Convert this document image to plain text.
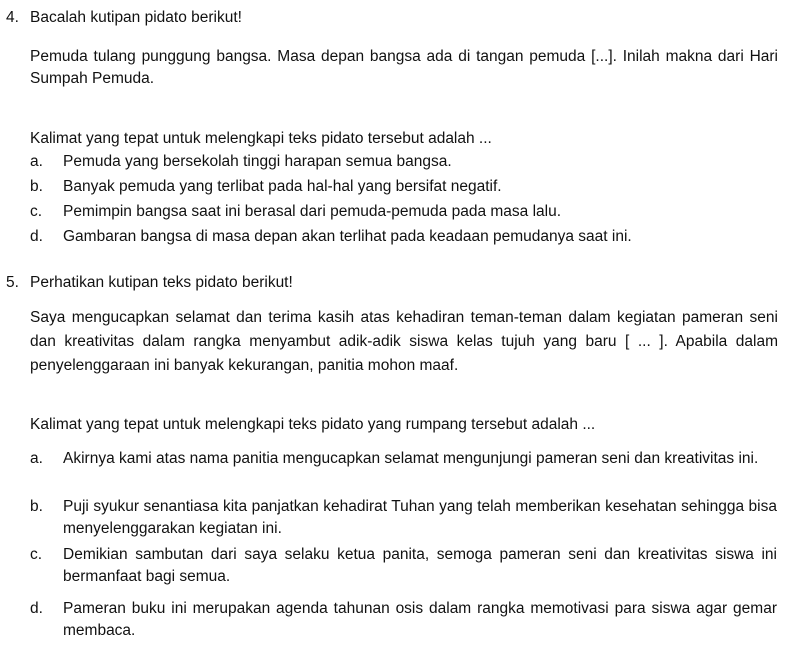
4. Bacalah kutipan pidato berikut!
Pemuda tulang punggung bangsa. Masa depan bangsa ada di tangan pemuda [...]. Inilah makna dari Hari Sumpah Pemuda.
Kalimat yang tepat untuk melengkapi teks pidato tersebut adalah ...
a. Pemuda yang bersekolah tinggi harapan semua bangsa.
b. Banyak pemuda yang terlibat pada hal-hal yang bersifat negatif.
c. Pemimpin bangsa saat ini berasal dari pemuda-pemuda pada masa lalu.
d. Gambaran bangsa di masa depan akan terlihat pada keadaan pemudanya saat ini.
5. Perhatikan kutipan teks pidato berikut!
Saya mengucapkan selamat dan terima kasih atas kehadiran teman-teman dalam kegiatan pameran seni dan kreativitas dalam rangka menyambut adik-adik siswa kelas tujuh yang baru [ ... ]. Apabila dalam penyelenggaraan ini banyak kekurangan, panitia mohon maaf.
Kalimat yang tepat untuk melengkapi teks pidato yang rumpang tersebut adalah ...
a. Akirnya kami atas nama panitia mengucapkan selamat mengunjungi pameran seni dan kreativitas ini.
b. Puji syukur senantiasa kita panjatkan kehadirat Tuhan yang telah memberikan kesehatan sehingga bisa menyelenggarakan kegiatan ini.
c. Demikian sambutan dari saya selaku ketua panita, semoga pameran seni dan kreativitas siswa ini bermanfaat bagi semua.
d. Pameran buku ini merupakan agenda tahunan osis dalam rangka memotivasi para siswa agar gemar membaca.
